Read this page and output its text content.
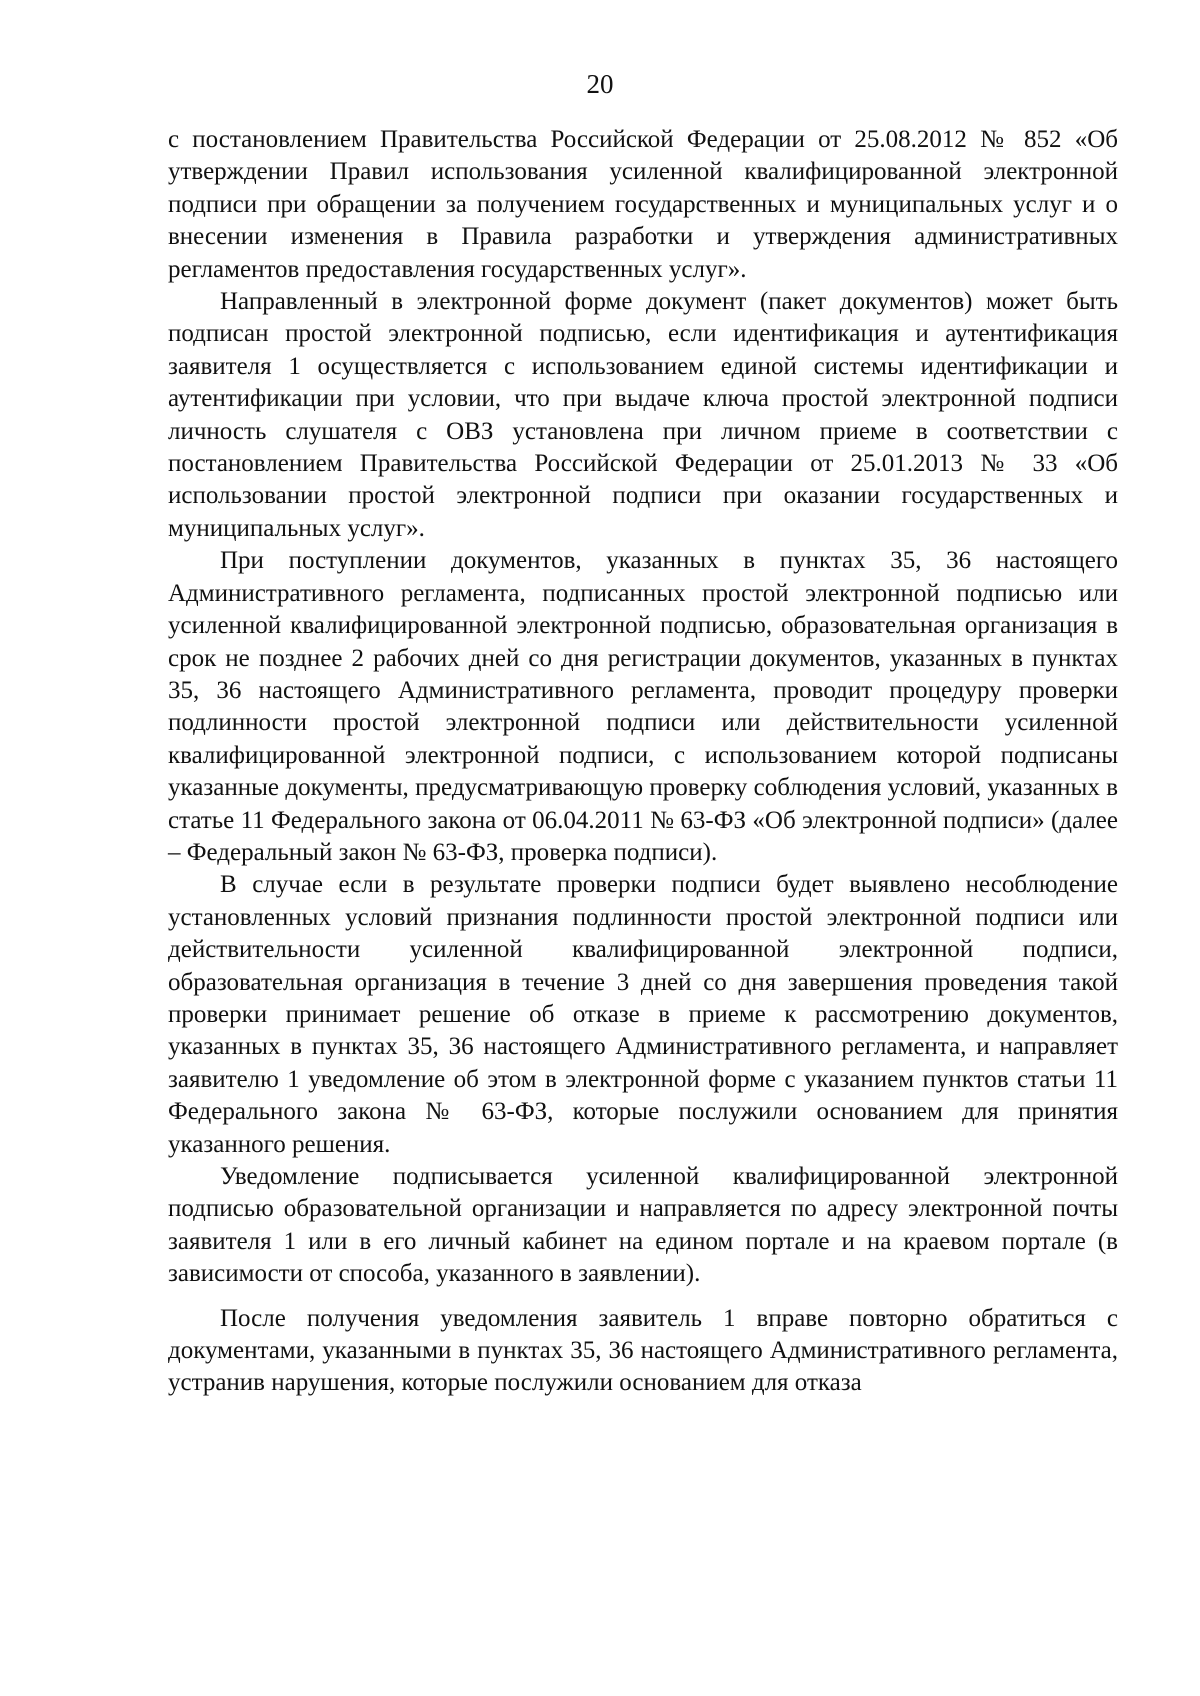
20

с постановлением Правительства Российской Федерации от 25.08.2012 № 852 «Об утверждении Правил использования усиленной квалифицированной электронной подписи при обращении за получением государственных и муниципальных услуг и о внесении изменения в Правила разработки и утверждения административных регламентов предоставления государственных услуг».

Направленный в электронной форме документ (пакет документов) может быть подписан простой электронной подписью, если идентификация и аутентификация заявителя 1 осуществляется с использованием единой системы идентификации и аутентификации при условии, что при выдаче ключа простой электронной подписи личность слушателя с ОВЗ установлена при личном приеме в соответствии с постановлением Правительства Российской Федерации от 25.01.2013 № 33 «Об использовании простой электронной подписи при оказании государственных и муниципальных услуг».

При поступлении документов, указанных в пунктах 35, 36 настоящего Административного регламента, подписанных простой электронной подписью или усиленной квалифицированной электронной подписью, образовательная организация в срок не позднее 2 рабочих дней со дня регистрации документов, указанных в пунктах 35, 36 настоящего Административного регламента, проводит процедуру проверки подлинности простой электронной подписи или действительности усиленной квалифицированной электронной подписи, с использованием которой подписаны указанные документы, предусматривающую проверку соблюдения условий, указанных в статье 11 Федерального закона от 06.04.2011 № 63-ФЗ «Об электронной подписи» (далее – Федеральный закон № 63-ФЗ, проверка подписи).

В случае если в результате проверки подписи будет выявлено несоблюдение установленных условий признания подлинности простой электронной подписи или действительности усиленной квалифицированной электронной подписи, образовательная организация в течение 3 дней со дня завершения проведения такой проверки принимает решение об отказе в приеме к рассмотрению документов, указанных в пунктах 35, 36 настоящего Административного регламента, и направляет заявителю 1 уведомление об этом в электронной форме с указанием пунктов статьи 11 Федерального закона № 63-ФЗ, которые послужили основанием для принятия указанного решения.

Уведомление подписывается усиленной квалифицированной электронной подписью образовательной организации и направляется по адресу электронной почты заявителя 1 или в его личный кабинет на едином портале и на краевом портале (в зависимости от способа, указанного в заявлении).

После получения уведомления заявитель 1 вправе повторно обратиться с документами, указанными в пунктах 35, 36 настоящего Административного регламента, устранив нарушения, которые послужили основанием для отказа
